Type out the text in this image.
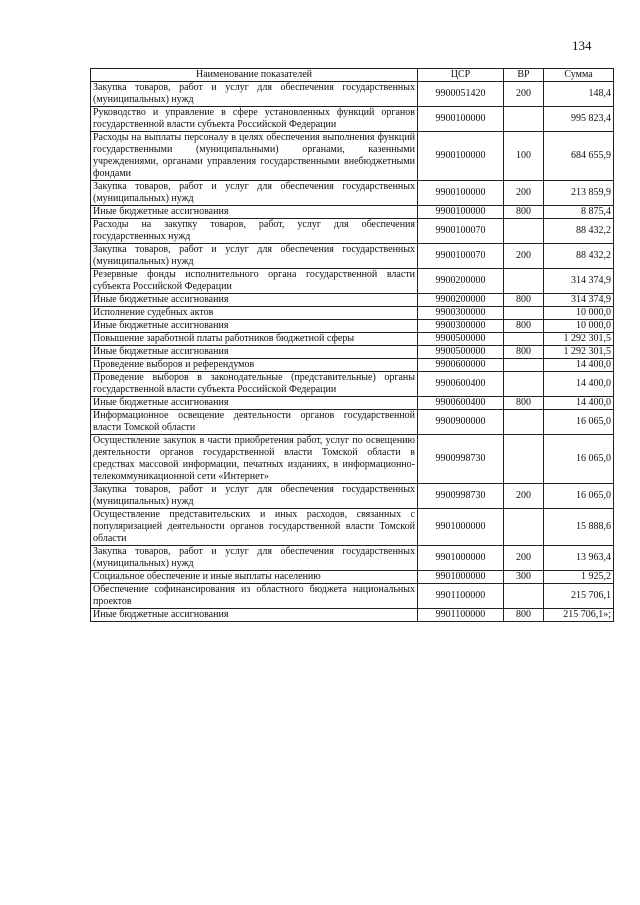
134
Наименование показателей	ЦСР	ВР	Сумма
Закупка товаров, работ и услуг для обеспечения государственных (муниципальных) нужд	9900051420	200	148,4
Руководство и управление в сфере установленных функций органов государственной власти субъекта Российской Федерации	9900100000		995 823,4
Расходы на выплаты персоналу в целях обеспечения выполнения функций государственными (муниципальными) органами, казенными учреждениями, органами управления государственными внебюджетными фондами	9900100000	100	684 655,9
Закупка товаров, работ и услуг для обеспечения государственных (муниципальных) нужд	9900100000	200	213 859,9
Иные бюджетные ассигнования	9900100000	800	8 875,4
Расходы на закупку товаров, работ, услуг для обеспечения государственных нужд	9900100070		88 432,2
Закупка товаров, работ и услуг для обеспечения государственных (муниципальных) нужд	9900100070	200	88 432,2
Резервные фонды исполнительного органа государственной власти субъекта Российской Федерации	9900200000		314 374,9
Иные бюджетные ассигнования	9900200000	800	314 374,9
Исполнение судебных актов	9900300000		10 000,0
Иные бюджетные ассигнования	9900300000	800	10 000,0
Повышение заработной платы работников бюджетной сферы	9900500000		1 292 301,5
Иные бюджетные ассигнования	9900500000	800	1 292 301,5
Проведение выборов и референдумов	9900600000		14 400,0
Проведение выборов в законодательные (представительные) органы государственной власти субъекта Российской Федерации	9900600400		14 400,0
Иные бюджетные ассигнования	9900600400	800	14 400,0
Информационное освещение деятельности органов государственной власти Томской области	9900900000		16 065,0
Осуществление закупок в части приобретения работ, услуг по освещению деятельности органов государственной власти Томской области в средствах массовой информации, печатных изданиях, в информационно-телекоммуникационной сети «Интернет»	9900998730		16 065,0
Закупка товаров, работ и услуг для обеспечения государственных (муниципальных) нужд	9900998730	200	16 065,0
Осуществление представительских и иных расходов, связанных с популяризацией деятельности органов государственной власти Томской области	9901000000		15 888,6
Закупка товаров, работ и услуг для обеспечения государственных (муниципальных) нужд	9901000000	200	13 963,4
Социальное обеспечение и иные выплаты населению	9901000000	300	1 925,2
Обеспечение софинансирования из областного бюджета национальных проектов	9901100000		215 706,1
Иные бюджетные ассигнования	9901100000	800	215 706,1»;
